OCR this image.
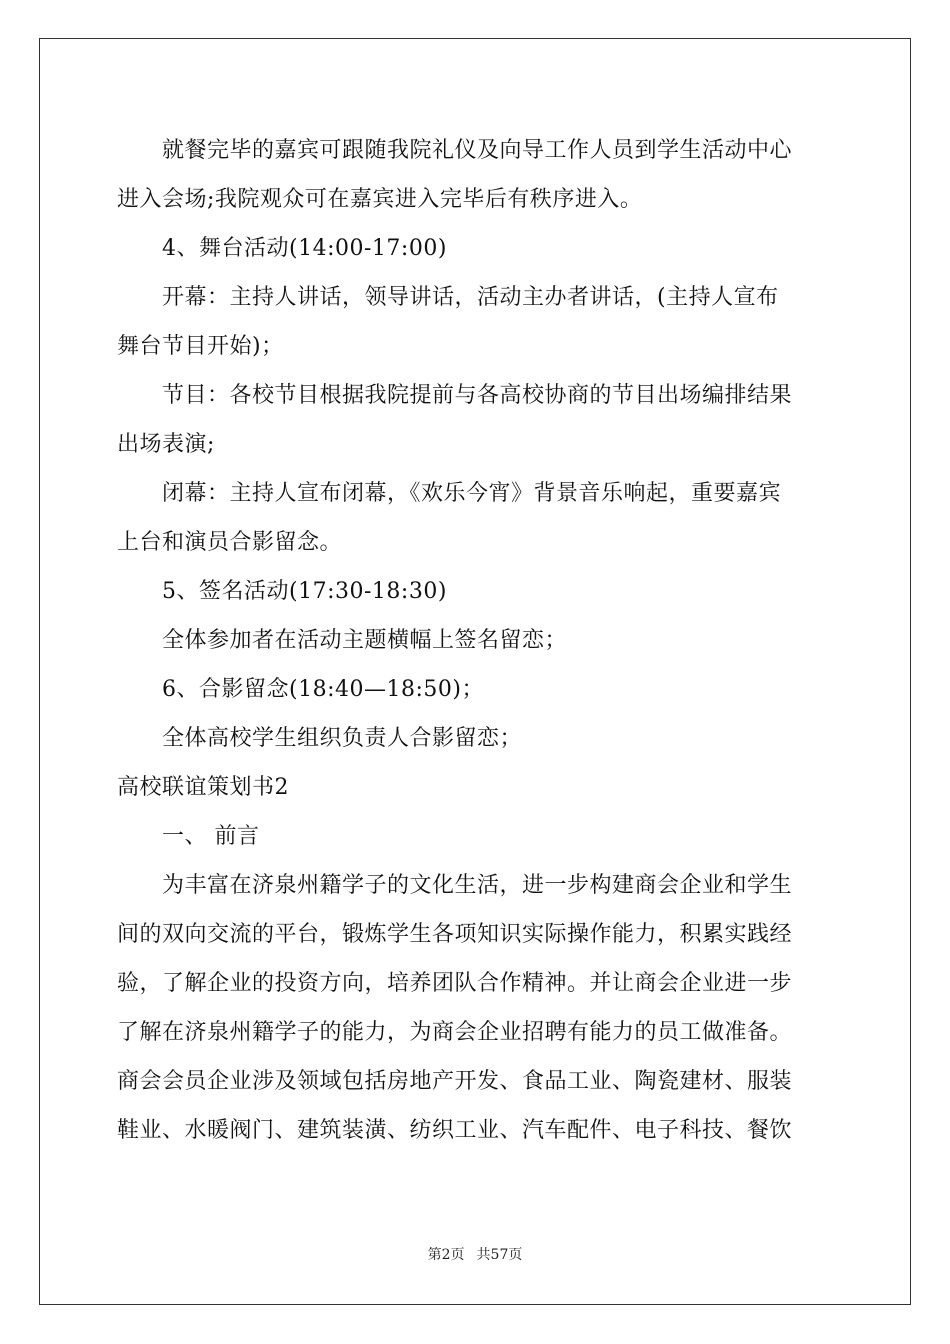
　　就餐完毕的嘉宾可跟随我院礼仪及向导工作人员到学生活动中心
进入会场;我院观众可在嘉宾进入完毕后有秩序进入。
　　4、舞台活动(14:00-17:00)
　　开幕：主持人讲话，领导讲话，活动主办者讲话，(主持人宣布
舞台节目开始)；
　　节目：各校节目根据我院提前与各高校协商的节目出场编排结果
出场表演;
　　闭幕：主持人宣布闭幕，《欢乐今宵》背景音乐响起，重要嘉宾
上台和演员合影留念。
　　5、签名活动(17:30-18:30)
　　全体参加者在活动主题横幅上签名留恋；
　　6、合影留念(18:40—18:50)；
　　全体高校学生组织负责人合影留恋；
高校联谊策划书2
　　一、 前言
　　为丰富在济泉州籍学子的文化生活，进一步构建商会企业和学生
间的双向交流的平台，锻炼学生各项知识实际操作能力，积累实践经
验，了解企业的投资方向，培养团队合作精神。并让商会企业进一步
了解在济泉州籍学子的能力，为商会企业招聘有能力的员工做准备。
商会会员企业涉及领域包括房地产开发、食品工业、陶瓷建材、服装
鞋业、水暖阀门、建筑装潢、纺织工业、汽车配件、电子科技、餐饮
第2页 共57页
